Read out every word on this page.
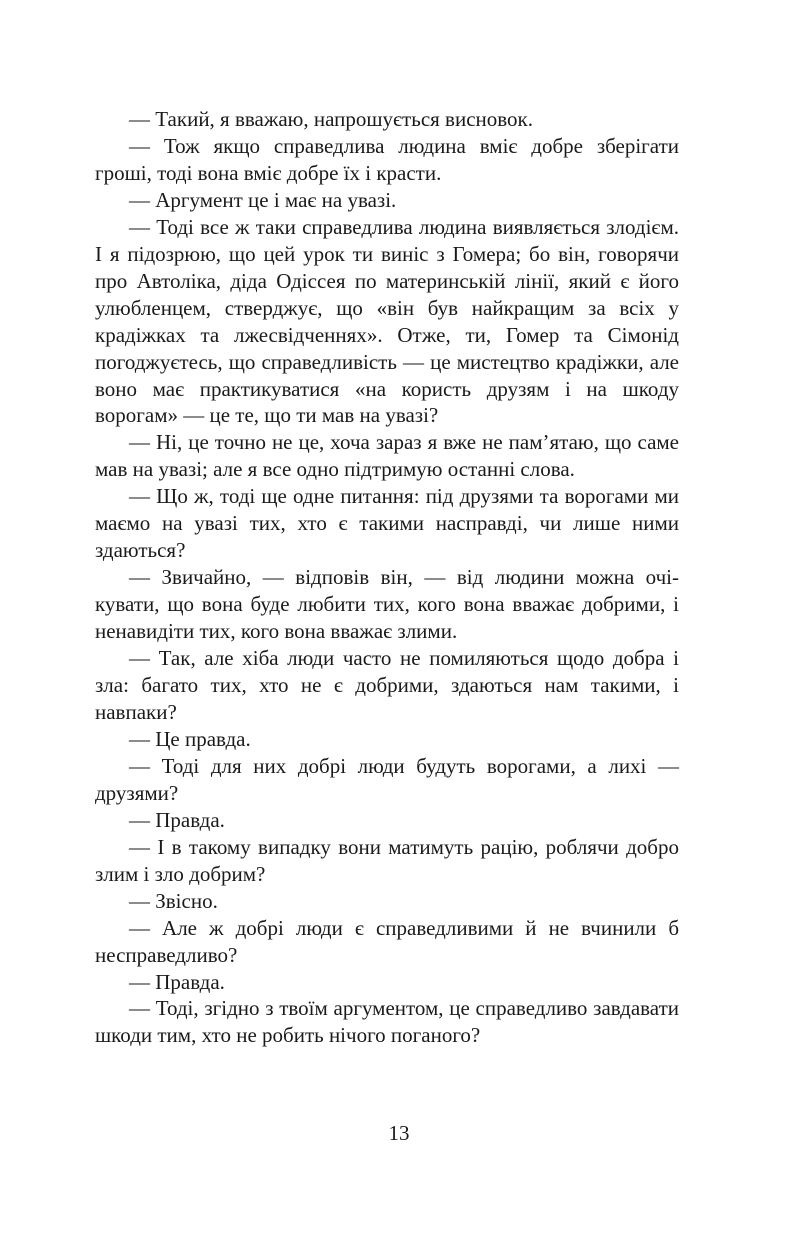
— Такий, я вважаю, напрошується висновок.

— Тож якщо справедлива людина вміє добре зберігати гроші, тоді вона вміє добре їх і красти.

— Аргумент це і має на увазі.

— Тоді все ж таки справедлива людина виявляється злодієм. І я підозрюю, що цей урок ти виніс з Гомера; бо він, говорячи про Автоліка, діда Одіссея по материнській лінії, який є його улюбленцем, стверджує, що «він був найкращим за всіх у крадіжках та лжесвідченнях». Отже, ти, Гомер та Сімонід погоджуєтесь, що справедливість — це мистецтво крадіжки, але воно має практикуватися «на користь друзям і на шкоду ворогам» — це те, що ти мав на увазі?

— Ні, це точно не це, хоча зараз я вже не пам’ятаю, що саме мав на увазі; але я все одно підтримую останні слова.

— Що ж, тоді ще одне питання: під друзями та ворогами ми маємо на увазі тих, хто є такими насправді, чи лише ними здаються?

— Звичайно, — відповів він, — від людини можна очікувати, що вона буде любити тих, кого вона вважає добрими, і ненавидіти тих, кого вона вважає злими.

— Так, але хіба люди часто не помиляються щодо добра і зла: багато тих, хто не є добрими, здаються нам такими, і навпаки?

— Це правда.

— Тоді для них добрі люди будуть ворогами, а лихі — друзями?

— Правда.

— І в такому випадку вони матимуть рацію, роблячи добро злим і зло добрим?

— Звісно.

— Але ж добрі люди є справедливими й не вчинили б несправедливо?

— Правда.

— Тоді, згідно з твоїм аргументом, це справедливо завдавати шкоди тим, хто не робить нічого поганого?

13
